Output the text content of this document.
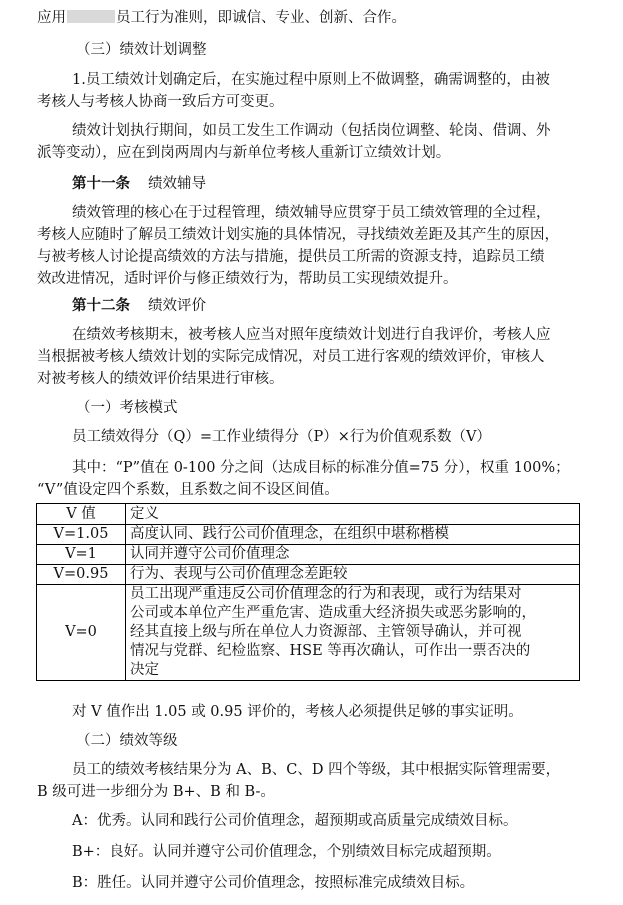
应用	员工行为准则，即诚信、专业、创新、合作。
（三）绩效计划调整
1.员工绩效计划确定后，在实施过程中原则上不做调整，确需调整的，由被
考核人与考核人协商一致后方可变更。
绩效计划执行期间，如员工发生工作调动（包括岗位调整、轮岗、借调、外
派等变动），应在到岗两周内与新单位考核人重新订立绩效计划。
第十一条 绩效辅导
绩效管理的核心在于过程管理，绩效辅导应贯穿于员工绩效管理的全过程，
考核人应随时了解员工绩效计划实施的具体情况，寻找绩效差距及其产生的原因，
与被考核人讨论提高绩效的方法与措施，提供员工所需的资源支持，追踪员工绩
效改进情况，适时评价与修正绩效行为，帮助员工实现绩效提升。
第十二条 绩效评价
在绩效考核期末，被考核人应当对照年度绩效计划进行自我评价，考核人应
当根据被考核人绩效计划的实际完成情况，对员工进行客观的绩效评价，审核人
对被考核人的绩效评价结果进行审核。
（一）考核模式
员工绩效得分（Q）=工作业绩得分（P）×行为价值观系数（V）
其中：“P”值在 0-100 分之间（达成目标的标准分值=75 分），权重 100%；
“V”值设定四个系数，且系数之间不设区间值。
V 值	定义
V=1.05	高度认同、践行公司价值理念，在组织中堪称楷模
V=1	认同并遵守公司价值理念
V=0.95	行为、表现与公司价值理念差距较
V=0	员工出现严重违反公司价值理念的行为和表现，或行为结果对
公司或本单位产生严重危害、造成重大经济损失或恶劣影响的，
经其直接上级与所在单位人力资源部、主管领导确认，并可视
情况与党群、纪检监察、HSE 等再次确认，可作出一票否决的
决定
对 V 值作出 1.05 或 0.95 评价的，考核人必须提供足够的事实证明。
（二）绩效等级
员工的绩效考核结果分为 A、B、C、D 四个等级，其中根据实际管理需要，
B 级可进一步细分为 B+、B 和 B-。
A：优秀。认同和践行公司价值理念，超预期或高质量完成绩效目标。
B+：良好。认同并遵守公司价值理念，个别绩效目标完成超预期。
B：胜任。认同并遵守公司价值理念，按照标准完成绩效目标。
